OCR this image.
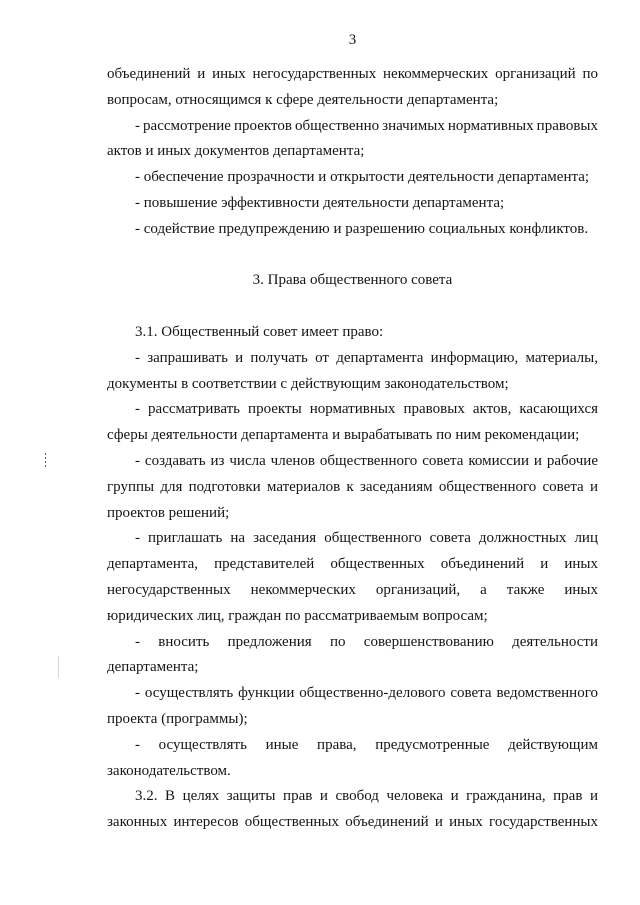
3
объединений и иных негосударственных некоммерческих организаций по
вопросам, относящимся к сфере деятельности департамента;
- рассмотрение проектов общественно значимых нормативных правовых
актов и иных документов департамента;
- обеспечение прозрачности и открытости деятельности департамента;
- повышение эффективности деятельности департамента;
- содействие предупреждению и разрешению социальных конфликтов.
3. Права общественного совета
3.1. Общественный совет имеет право:
- запрашивать и получать от департамента информацию, материалы,
документы в соответствии с действующим законодательством;
- рассматривать проекты нормативных правовых актов, касающихся
сферы деятельности департамента и вырабатывать по ним рекомендации;
- создавать из числа членов общественного совета комиссии и рабочие
группы для подготовки материалов к заседаниям общественного совета и
проектов решений;
- приглашать на заседания общественного совета должностных лиц
департамента, представителей общественных объединений и иных
негосударственных некоммерческих организаций, а также иных
юридических лиц, граждан по рассматриваемым вопросам;
- вносить предложения по совершенствованию деятельности
департамента;
- осуществлять функции общественно-делового совета ведомственного
проекта (программы);
- осуществлять иные права, предусмотренные действующим
законодательством.
3.2. В целях защиты прав и свобод человека и гражданина, прав и
законных интересов общественных объединений и иных государственных
